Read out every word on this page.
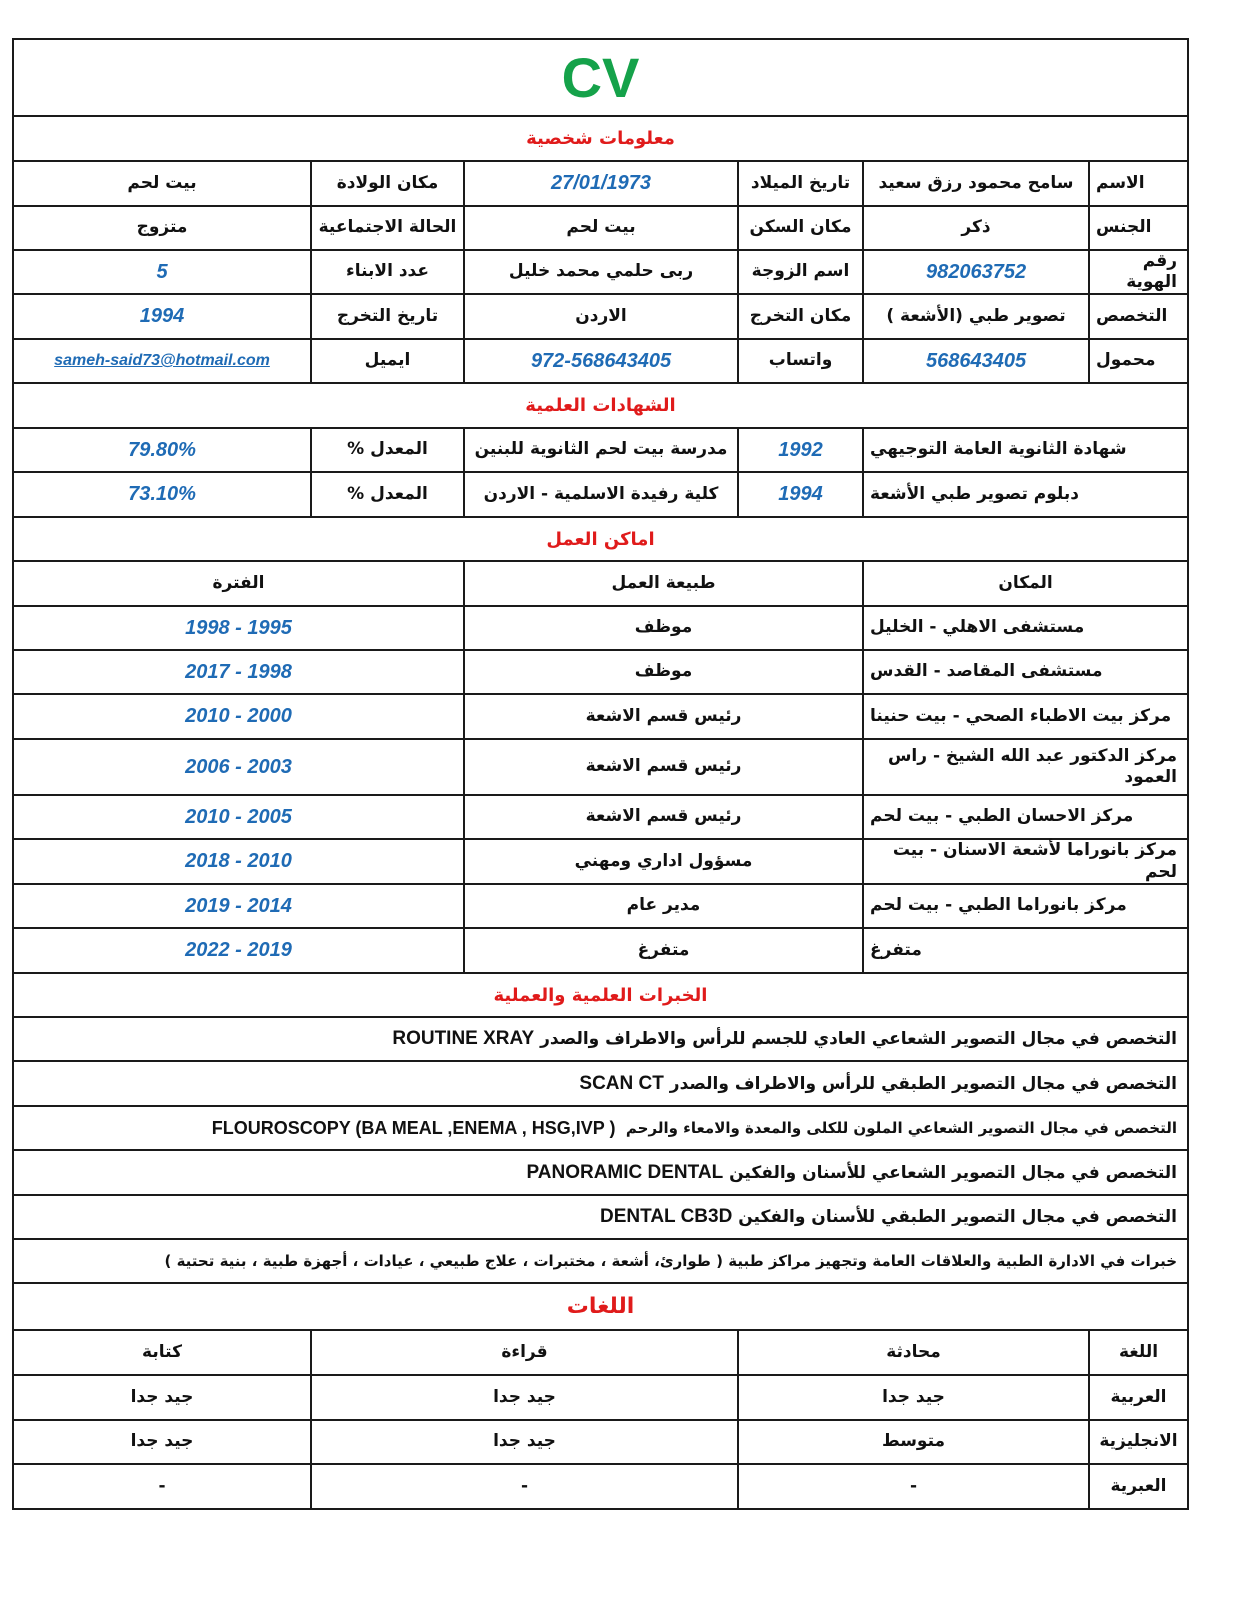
CV
معلومات شخصية
الاسم
سامح محمود رزق سعيد
تاريخ الميلاد
27/01/1973
مكان الولادة
بيت لحم
الجنس
ذكر
مكان السكن
بيت لحم
الحالة الاجتماعية
متزوج
رقم الهوية
982063752
اسم الزوجة
ربى حلمي محمد خليل
عدد الابناء
5
التخصص
تصوير طبي (الأشعة )
مكان التخرج
الاردن
تاريخ التخرج
1994
محمول
568643405
واتساب
972-568643405
ايميل
sameh-said73@hotmail.com
الشهادات العلمية
شهادة الثانوية العامة التوجيهي
1992
مدرسة بيت لحم الثانوية للبنين
المعدل %
79.80%
دبلوم تصوير طبي الأشعة
1994
كلية رفيدة الاسلمية - الاردن
المعدل %
73.10%
اماكن العمل
المكان
طبيعة العمل
الفترة
مستشفى الاهلي - الخليل
موظف
1995 - 1998
مستشفى المقاصد - القدس
موظف
1998 - 2017
مركز بيت الاطباء الصحي - بيت حنينا
رئيس قسم الاشعة
2000 - 2010
مركز الدكتور عبد الله الشيخ - راس العمود
رئيس قسم الاشعة
2003 - 2006
مركز الاحسان الطبي - بيت لحم
رئيس قسم الاشعة
2005 - 2010
مركز بانوراما لأشعة الاسنان - بيت لحم
مسؤول اداري ومهني
2010 - 2018
مركز بانوراما الطبي - بيت لحم
مدير عام
2014 - 2019
متفرغ
متفرغ
2019 - 2022
الخبرات العلمية والعملية
التخصص في مجال التصوير الشعاعي العادي للجسم للرأس والاطراف والصدر

ROUTINE XRAY
التخصص في مجال التصوير الطبقي للرأس والاطراف والصدر

SCAN CT
التخصص في مجال التصوير الشعاعي الملون للكلى والمعدة والامعاء والرحم

FLOUROSCOPY (BA MEAL ,ENEMA , HSG,IVP )
التخصص في مجال التصوير الشعاعي للأسنان والفكين

PANORAMIC DENTAL
التخصص في مجال التصوير الطبقي للأسنان والفكين

DENTAL CB3D
خبرات في الادارة الطبية والعلاقات العامة وتجهيز مراكز طبية ( طوارئ، أشعة ، مختبرات ، علاج طبيعي ، عيادات ، أجهزة طبية ، بنية تحتية )
اللغات
اللغة
محادثة
قراءة
كتابة
العربية
جيد جدا
جيد جدا
جيد جدا
الانجليزية
متوسط
جيد جدا
جيد جدا
العبرية
-
-
-
